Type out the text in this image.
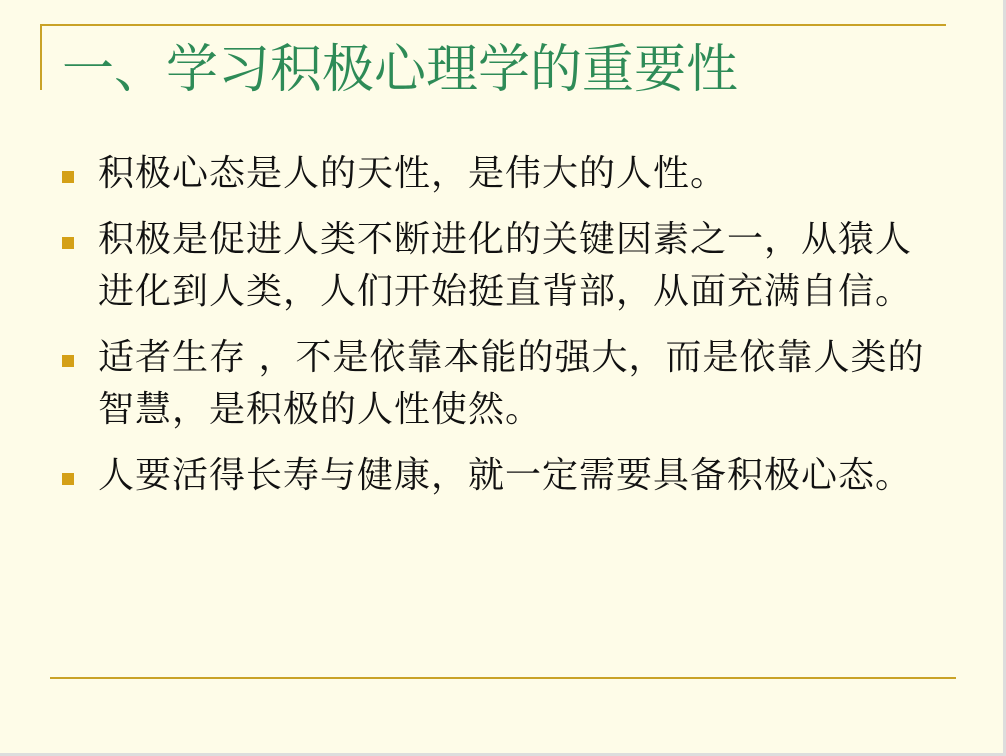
一、学习积极心理学的重要性
积极心态是人的天性，是伟大的人性。
积极是促进人类不断进化的关键因素之一，从猿人进化到人类，人们开始挺直背部，从面充满自信。
适者生存 ，不是依靠本能的强大，而是依靠人类的智慧，是积极的人性使然。
人要活得长寿与健康，就一定需要具备积极心态。
